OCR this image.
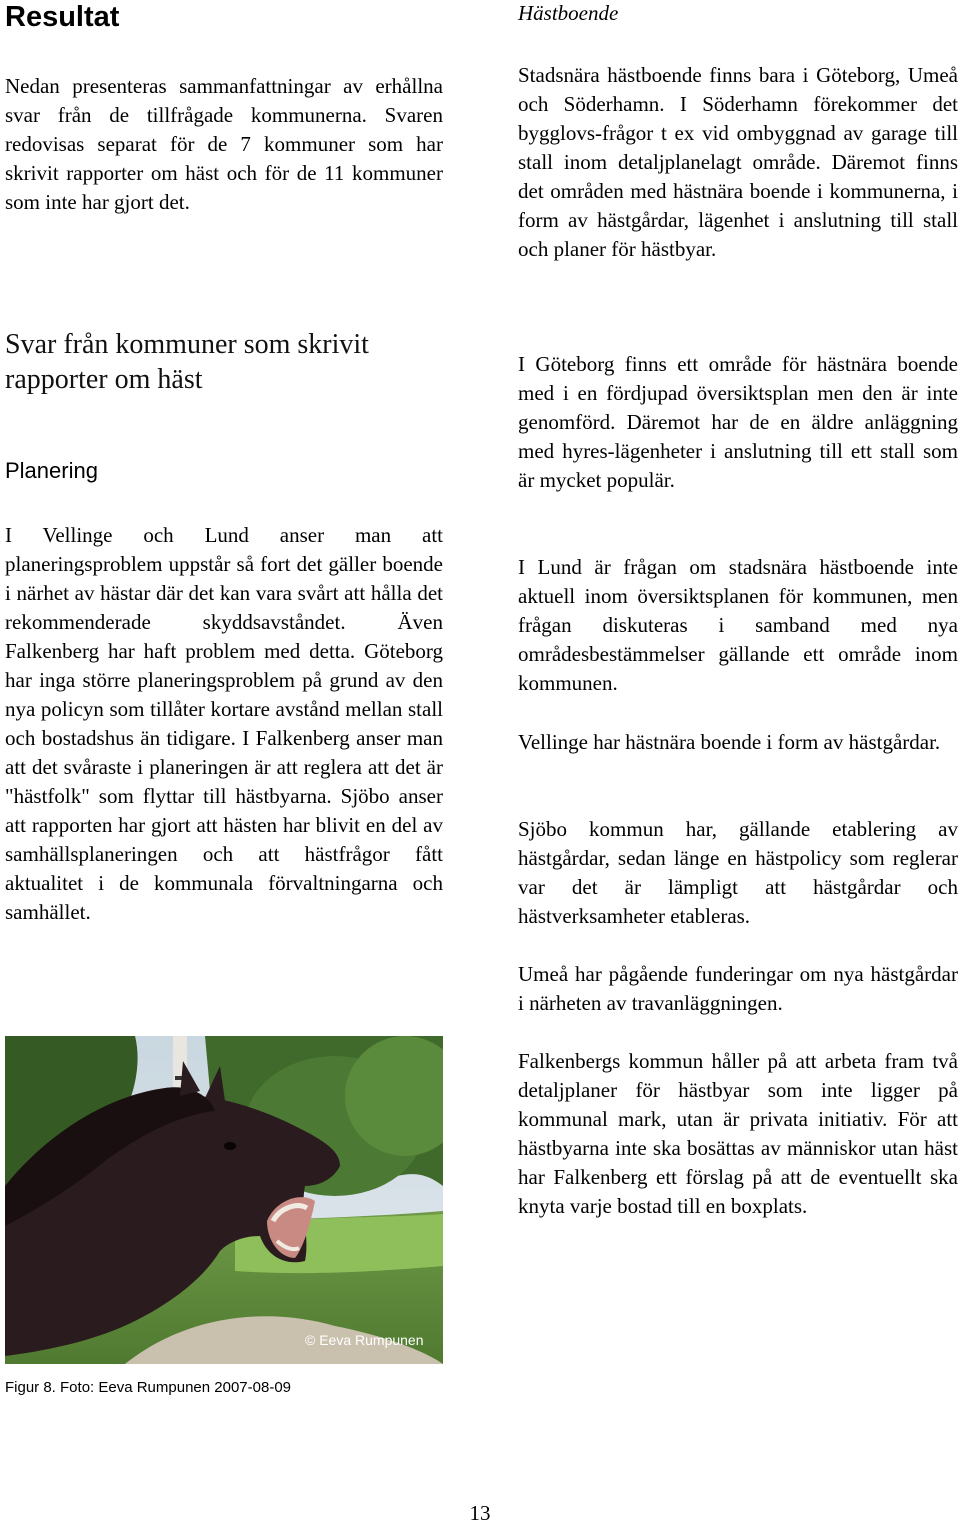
Resultat

Nedan presenteras sammanfattningar av erhållna svar från de tillfrågade kommunerna. Svaren redovisas separat för de 7 kommuner som har skrivit rapporter om häst och för de 11 kommuner som inte har gjort det.

Svar från kommuner som skrivit rapporter om häst
Planering

I Vellinge och Lund anser man att planeringsproblem uppstår så fort det gäller boende i närhet av hästar där det kan vara svårt att hålla det rekommenderade skyddsavståndet. Även Falkenberg har haft problem med detta. Göteborg har inga större planeringsproblem på grund av den nya policyn som tillåter kortare avstånd mellan stall och bostadshus än tidigare. I Falkenberg anser man att det svåraste i planeringen är att reglera att det är "hästfolk" som flyttar till hästbyarna. Sjöbo anser att rapporten har gjort att hästen har blivit en del av samhällsplaneringen och att hästfrågor fått aktualitet i de kommunala förvaltningarna och samhället.

© Eeva Rumpunen

Figur 8. Foto: Eeva Rumpunen 2007-08-09

Hästboende

Stadsnära hästboende finns bara i Göteborg, Umeå och Söderhamn. I Söderhamn förekommer det bygglovs-frågor t ex vid ombyggnad av garage till stall inom detaljplanelagt område. Däremot finns det områden med hästnära boende i kommunerna, i form av hästgårdar, lägenhet i anslutning till stall och planer för hästbyar.

I Göteborg finns ett område för hästnära boende med i en fördjupad översiktsplan men den är inte genomförd. Däremot har de en äldre anläggning med hyres-lägenheter i anslutning till ett stall som är mycket populär.

I Lund är frågan om stadsnära hästboende inte aktuell inom översiktsplanen för kommunen, men frågan diskuteras i samband med nya områdesbestämmelser gällande ett område inom kommunen.

Vellinge har hästnära boende i form av hästgårdar.

Sjöbo kommun har, gällande etablering av hästgårdar, sedan länge en hästpolicy som reglerar var det är lämpligt att hästgårdar och hästverksamheter etableras.

Umeå har pågående funderingar om nya hästgårdar i närheten av travanläggningen.

Falkenbergs kommun håller på att arbeta fram två detaljplaner för hästbyar som inte ligger på kommunal mark, utan är privata initiativ. För att hästbyarna inte ska bosättas av människor utan häst har Falkenberg ett förslag på att de eventuellt ska knyta varje bostad till en boxplats.

13
